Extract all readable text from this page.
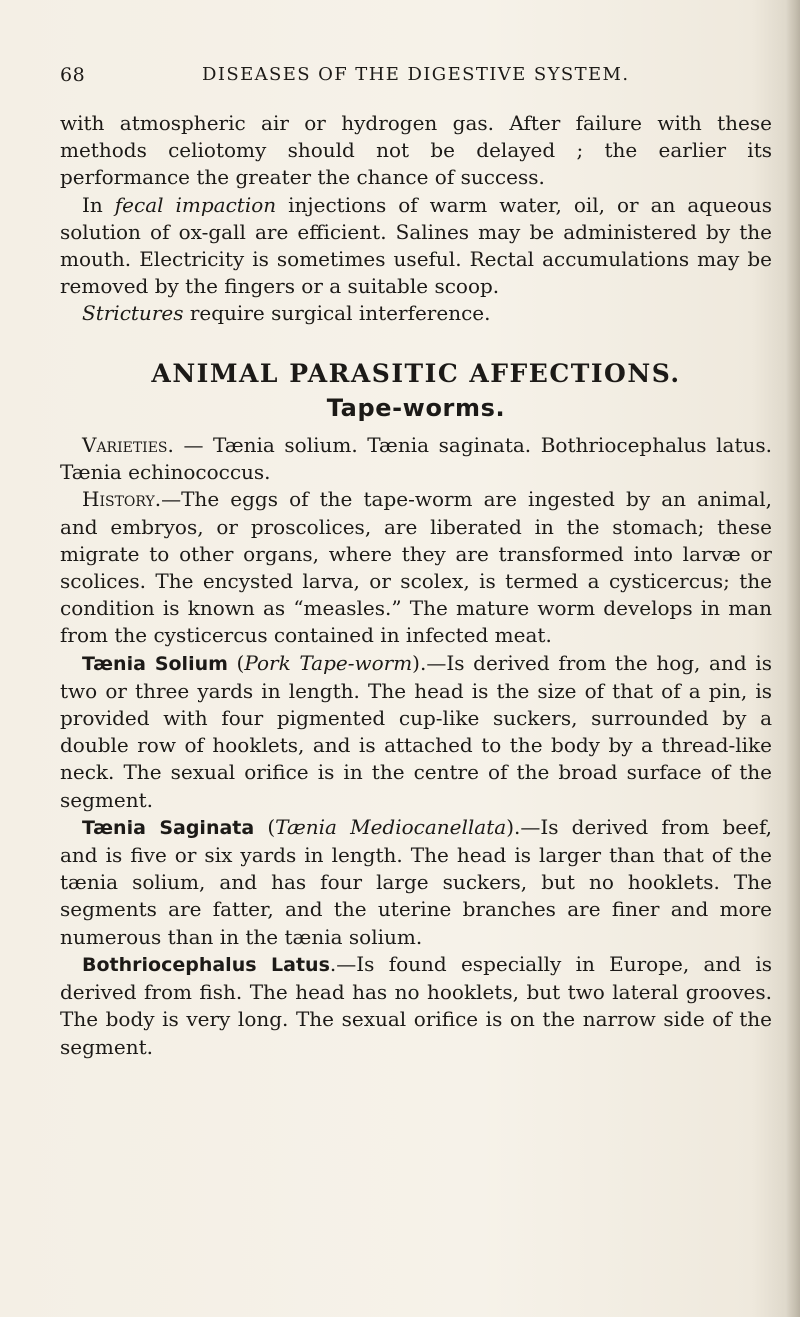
68	DISEASES OF THE DIGESTIVE SYSTEM.

with atmospheric air or hydrogen gas. After failure with these methods celiotomy should not be delayed ; the earlier its performance the greater the chance of success.

In fecal impaction injections of warm water, oil, or an aqueous solution of ox-gall are efficient. Salines may be administered by the mouth. Electricity is sometimes useful. Rectal accumulations may be removed by the fingers or a suitable scoop.

Strictures require surgical interference.

ANIMAL PARASITIC AFFECTIONS.
Tape-worms.

Varieties. — Tænia solium. Tænia saginata. Bothriocephalus latus. Tænia echinococcus.

History.—The eggs of the tape-worm are ingested by an animal, and embryos, or proscolices, are liberated in the stomach; these migrate to other organs, where they are transformed into larvæ or scolices. The encysted larva, or scolex, is termed a cysticercus; the condition is known as “measles.” The mature worm develops in man from the cysticercus contained in infected meat.

Tænia Solium (Pork Tape-worm).—Is derived from the hog, and is two or three yards in length. The head is the size of that of a pin, is provided with four pigmented cup-like suckers, surrounded by a double row of hooklets, and is attached to the body by a thread-like neck. The sexual orifice is in the centre of the broad surface of the segment.

Tænia Saginata (Tænia Mediocanellata).—Is derived from beef, and is five or six yards in length. The head is larger than that of the tænia solium, and has four large suckers, but no hooklets. The segments are fatter, and the uterine branches are finer and more numerous than in the tænia solium.

Bothriocephalus Latus.—Is found especially in Europe, and is derived from fish. The head has no hooklets, but two lateral grooves. The body is very long. The sexual orifice is on the narrow side of the segment.
